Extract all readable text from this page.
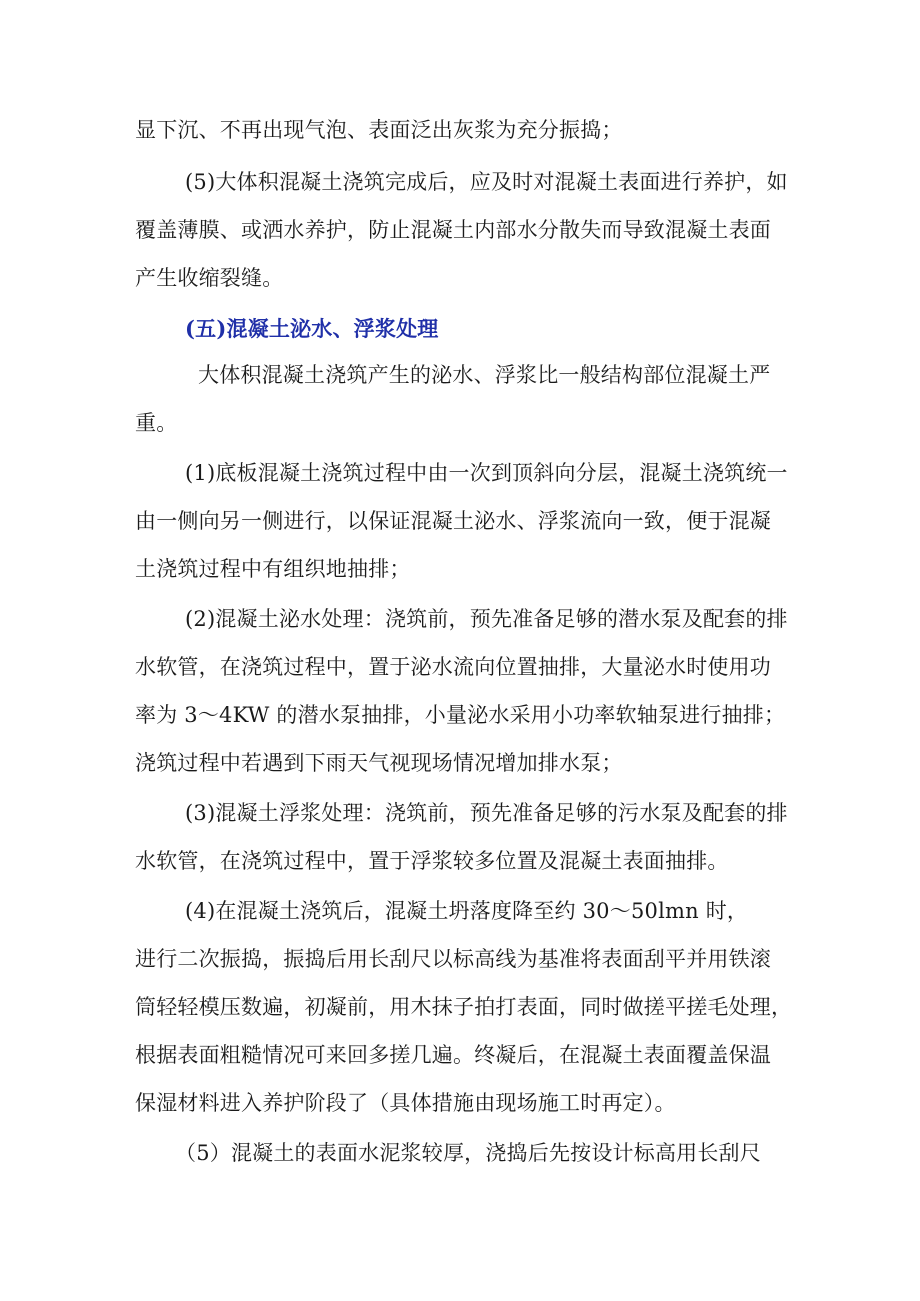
显下沉、不再出现气泡、表面泛出灰浆为充分振捣；
(5)大体积混凝土浇筑完成后，应及时对混凝土表面进行养护，如
覆盖薄膜、或洒水养护，防止混凝土内部水分散失而导致混凝土表面
产生收缩裂缝。
(五)混凝土泌水、浮浆处理
大体积混凝土浇筑产生的泌水、浮浆比一般结构部位混凝土严
重。
(1)底板混凝土浇筑过程中由一次到顶斜向分层，混凝土浇筑统一
由一侧向另一侧进行，以保证混凝土泌水、浮浆流向一致，便于混凝
土浇筑过程中有组织地抽排；
(2)混凝土泌水处理：浇筑前，预先准备足够的潜水泵及配套的排
水软管，在浇筑过程中，置于泌水流向位置抽排，大量泌水时使用功
率为 3～4KW 的潜水泵抽排，小量泌水采用小功率软轴泵进行抽排；
浇筑过程中若遇到下雨天气视现场情况增加排水泵；
(3)混凝土浮浆处理：浇筑前，预先准备足够的污水泵及配套的排
水软管，在浇筑过程中，置于浮浆较多位置及混凝土表面抽排。
(4)在混凝土浇筑后，混凝土坍落度降至约 30～50lmn 时，
进行二次振捣，振捣后用长刮尺以标高线为基准将表面刮平并用铁滚
筒轻轻模压数遍，初凝前，用木抹子拍打表面，同时做搓平搓毛处理，
根据表面粗糙情况可来回多搓几遍。终凝后，在混凝土表面覆盖保温
保湿材料进入养护阶段了（具体措施由现场施工时再定）。
（5）混凝土的表面水泥浆较厚，浇捣后先按设计标高用长刮尺
